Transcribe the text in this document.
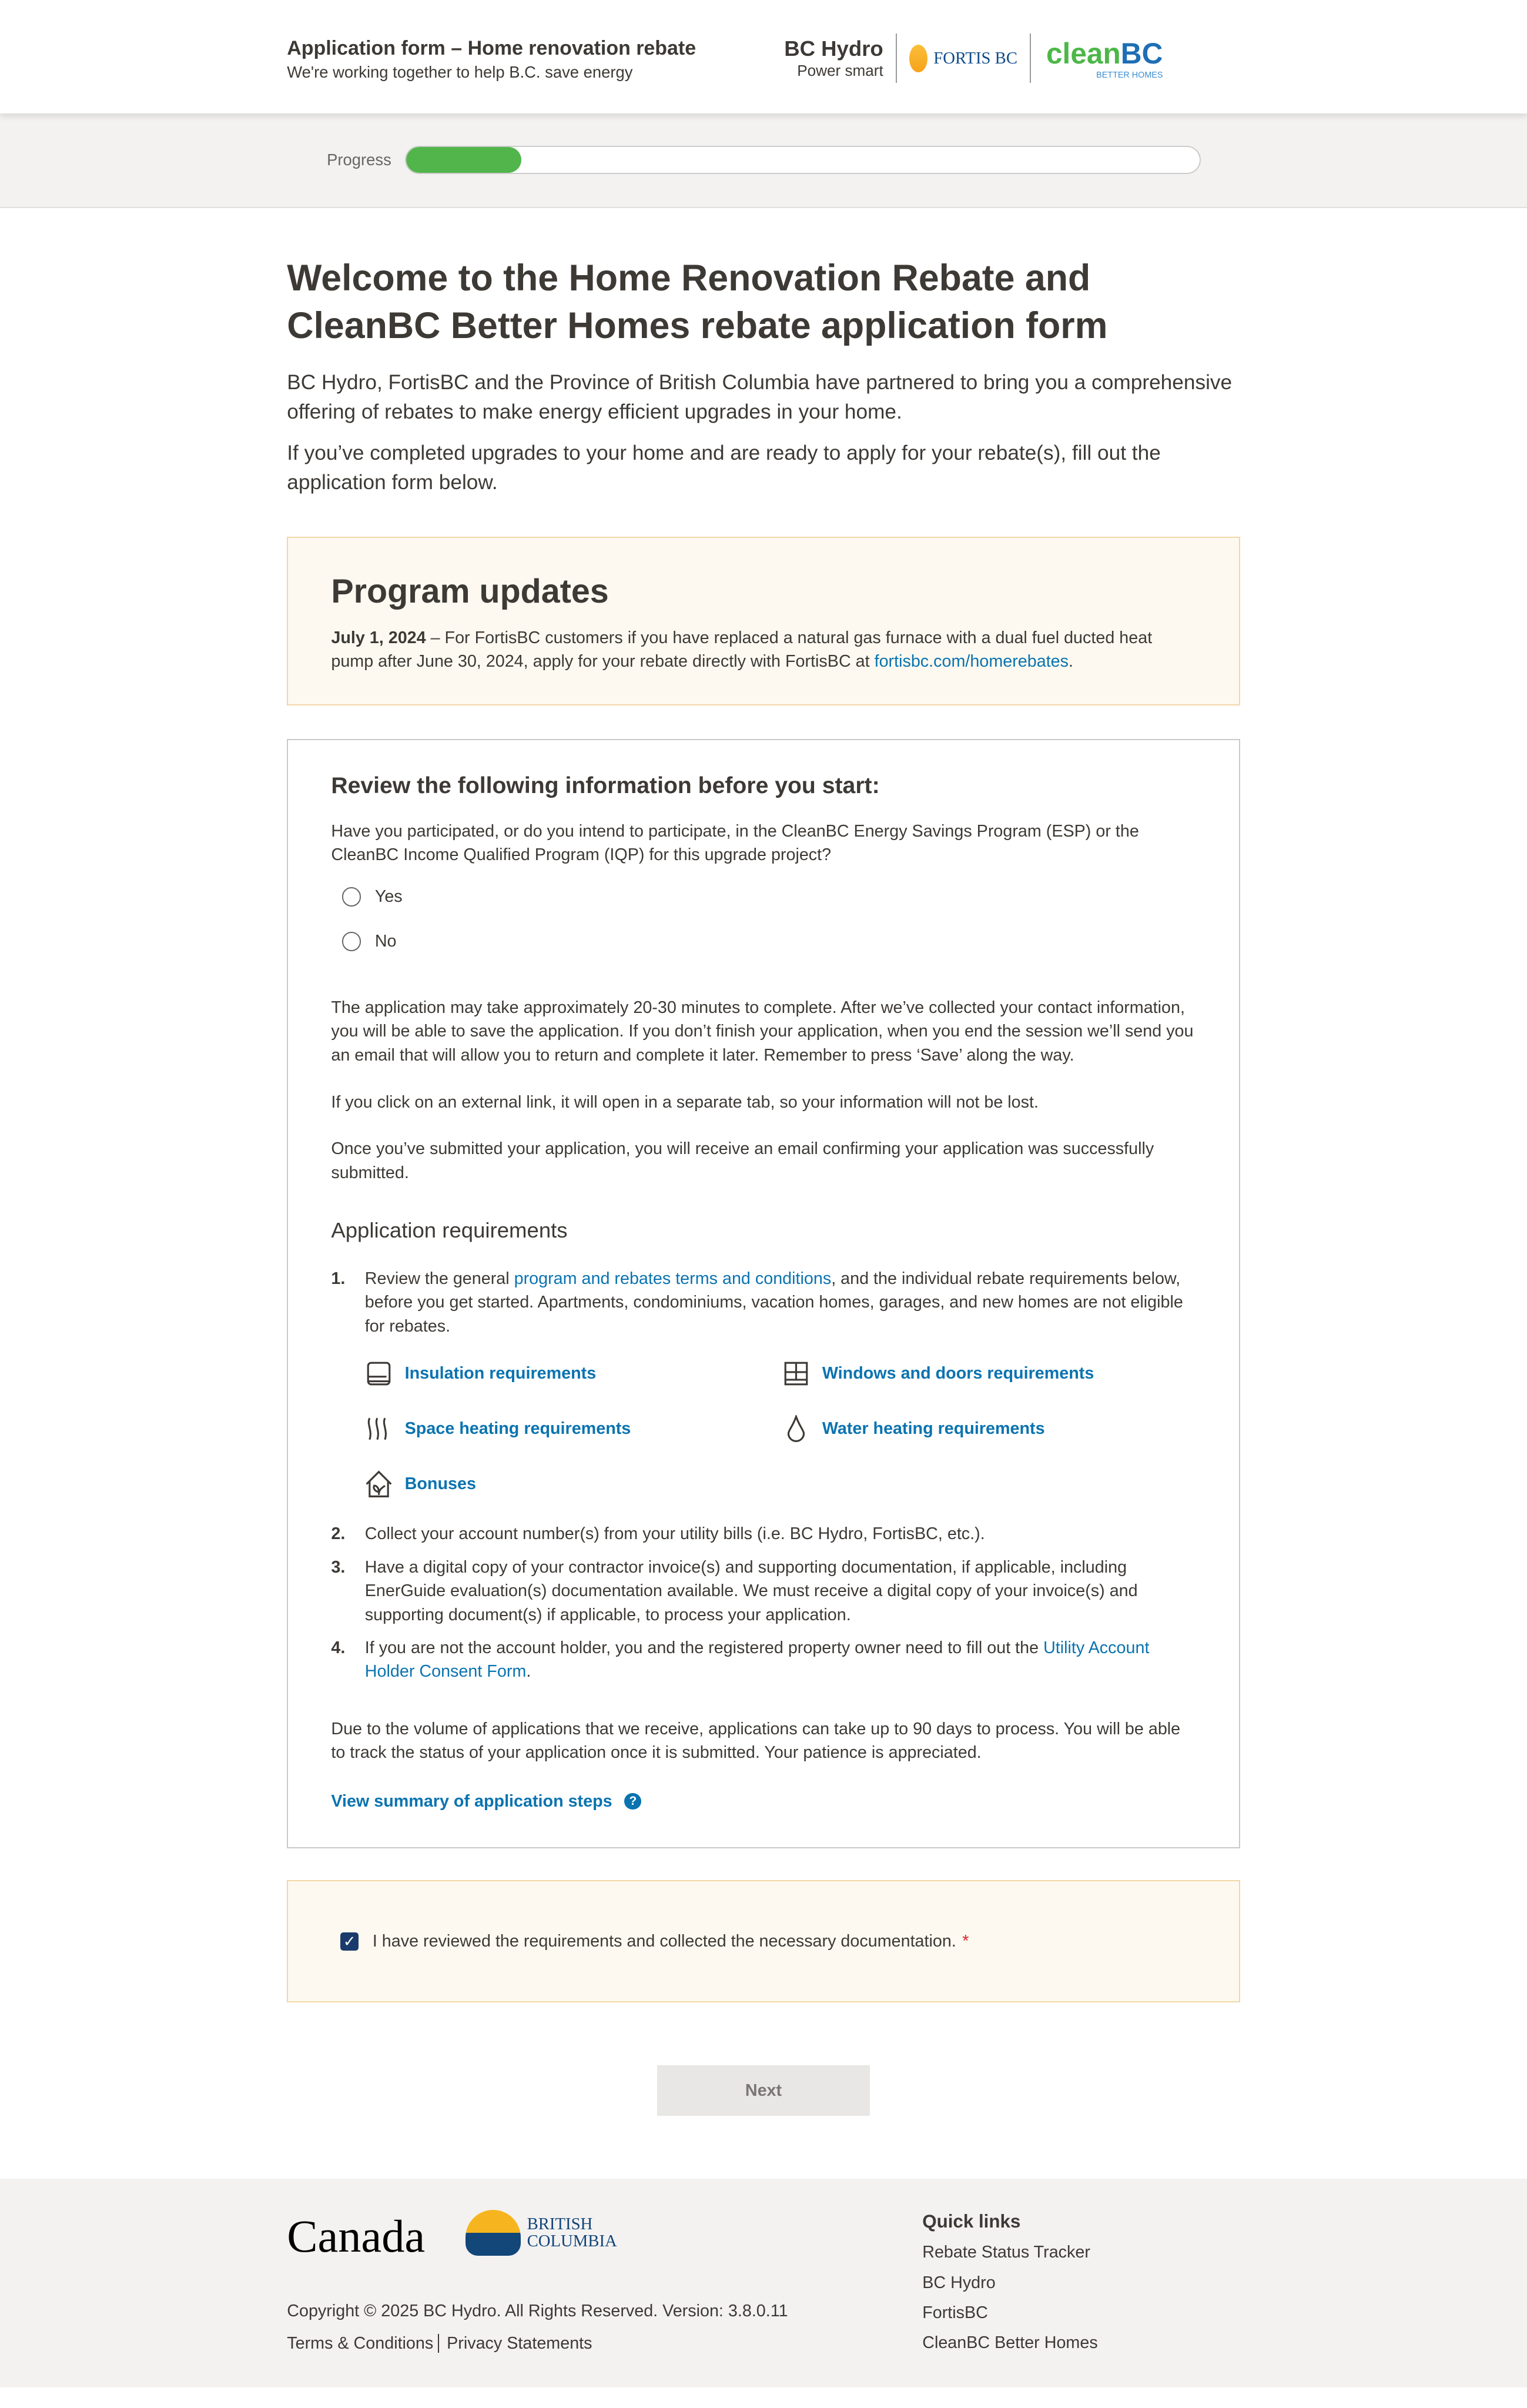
Application form – Home renovation rebate
We're working together to help B.C. save energy
BC Hydro
Power smart
FORTIS BC	cleanBC
BETTER HOMES
Progress
Welcome to the Home Renovation Rebate and CleanBC Better Homes rebate application form

BC Hydro, FortisBC and the Province of British Columbia have partnered to bring you a comprehensive offering of rebates to make energy efficient upgrades in your home.

If you’ve completed upgrades to your home and are ready to apply for your rebate(s), fill out the application form below.

Program updates
July 1, 2024 – For FortisBC customers if you have replaced a natural gas furnace with a dual fuel ducted heat pump after June 30, 2024, apply for your rebate directly with FortisBC at fortisbc.com/homerebates.
Review the following information before you start:
Have you participated, or do you intend to participate, in the CleanBC Energy Savings Program (ESP) or the CleanBC Income Qualified Program (IQP) for this upgrade project?
Yes
No

The application may take approximately 20-30 minutes to complete. After we’ve collected your contact information, you will be able to save the application. If you don’t finish your application, when you end the session we’ll send you an email that will allow you to return and complete it later. Remember to press ‘Save’ along the way.

If you click on an external link, it will open in a separate tab, so your information will not be lost.

Once you’ve submitted your application, you will receive an email confirming your application was successfully submitted.

Application requirements
1.	Review the general program and rebates terms and conditions, and the individual rebate requirements below, before you get started. Apartments, condominiums, vacation homes, garages, and new homes are not eligible for rebates.
Insulation requirements	Windows and doors requirements
Space heating requirements	Water heating requirements
Bonuses
2.	Collect your account number(s) from your utility bills (i.e. BC Hydro, FortisBC, etc.).
3.	Have a digital copy of your contractor invoice(s) and supporting documentation, if applicable, including EnerGuide evaluation(s) documentation available. We must receive a digital copy of your invoice(s) and supporting document(s) if applicable, to process your application.
4.	If you are not the account holder, you and the registered property owner need to fill out the Utility Account Holder Consent Form.

Due to the volume of applications that we receive, applications can take up to 90 days to process. You will be able to track the status of your application once it is submitted. Your patience is appreciated.

View summary of application steps	?
✓	I have reviewed the requirements and collected the necessary documentation. *
Next
Canada	BRITISH
COLUMBIA
Copyright © 2025 BC Hydro. All Rights Reserved. Version: 3.8.0.11
Terms & Conditions Privacy Statements
Quick links
Rebate Status Tracker
BC Hydro
FortisBC
CleanBC Better Homes
